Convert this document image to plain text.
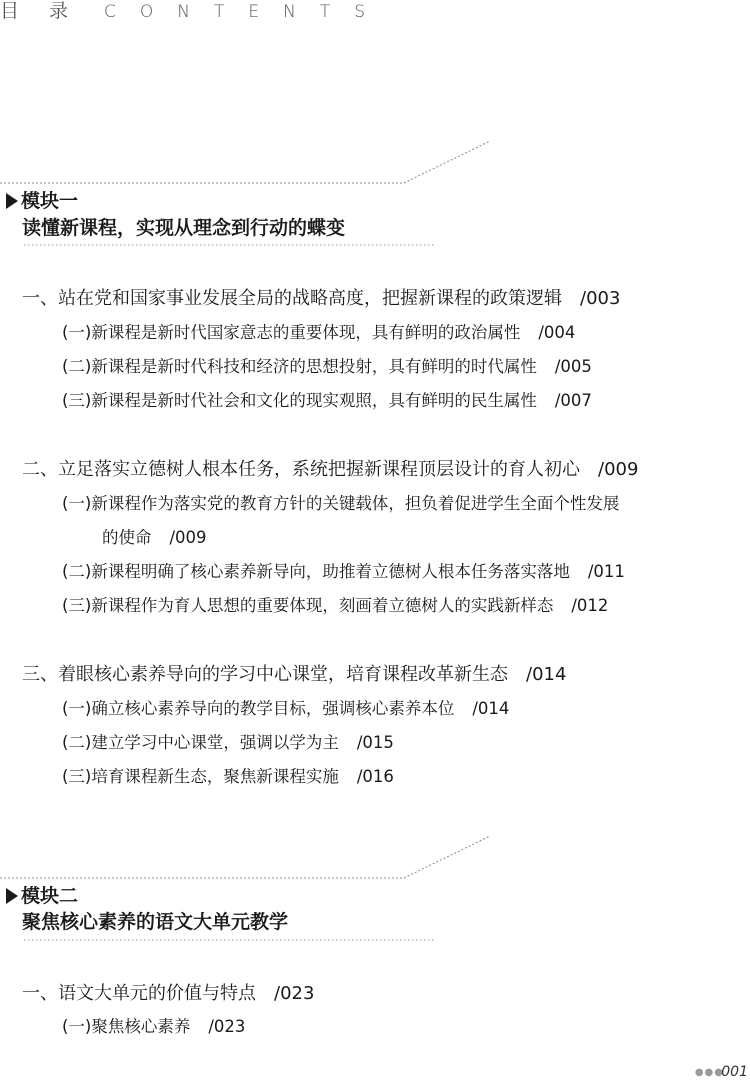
目 录 CONTENTS
模块一
读懂新课程，实现从理念到行动的蝶变
一、站在党和国家事业发展全局的战略高度，把握新课程的政策逻辑 /003
(一)新课程是新时代国家意志的重要体现，具有鲜明的政治属性 /004
(二)新课程是新时代科技和经济的思想投射，具有鲜明的时代属性 /005
(三)新课程是新时代社会和文化的现实观照，具有鲜明的民生属性 /007
二、立足落实立德树人根本任务，系统把握新课程顶层设计的育人初心 /009
(一)新课程作为落实党的教育方针的关键载体，担负着促进学生全面个性发展
的使命 /009
(二)新课程明确了核心素养新导向，助推着立德树人根本任务落实落地 /011
(三)新课程作为育人思想的重要体现，刻画着立德树人的实践新样态 /012
三、着眼核心素养导向的学习中心课堂，培育课程改革新生态 /014
(一)确立核心素养导向的教学目标，强调核心素养本位 /014
(二)建立学习中心课堂，强调以学为主 /015
(三)培育课程新生态，聚焦新课程实施 /016
模块二
聚焦核心素养的语文大单元教学
一、语文大单元的价值与特点 /023
(一)聚焦核心素养 /023
●●●
001
